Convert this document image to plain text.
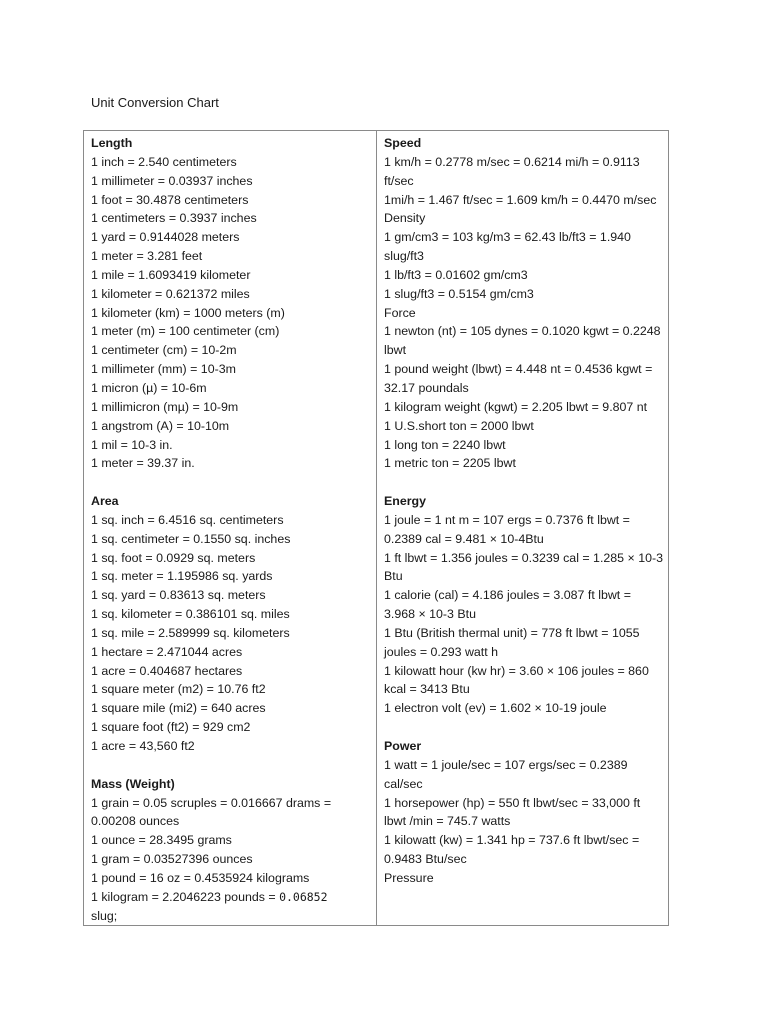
Unit Conversion Chart
Length
1 inch = 2.540 centimeters
1 millimeter = 0.03937 inches
1 foot = 30.4878 centimeters
1 centimeters = 0.3937 inches
1 yard = 0.9144028 meters
1 meter = 3.281 feet
1 mile = 1.6093419 kilometer
1 kilometer = 0.621372 miles
1 kilometer (km) = 1000 meters (m)
1 meter (m) = 100 centimeter (cm)
1 centimeter (cm) = 10-2m
1 millimeter (mm) = 10-3m
1 micron (µ) = 10-6m
1 millimicron (mµ) = 10-9m
1 angstrom (A) = 10-10m
1 mil = 10-3 in.
1 meter = 39.37 in.
Area
1 sq. inch = 6.4516 sq. centimeters
1 sq. centimeter = 0.1550 sq. inches
1 sq. foot = 0.0929 sq. meters
1 sq. meter = 1.195986 sq. yards
1 sq. yard = 0.83613 sq. meters
1 sq. kilometer = 0.386101 sq. miles
1 sq. mile = 2.589999 sq. kilometers
1 hectare = 2.471044 acres
1 acre = 0.404687 hectares
1 square meter (m2) = 10.76 ft2
1 square mile (mi2) = 640 acres
1 square foot (ft2) = 929 cm2
1 acre = 43,560 ft2
Mass (Weight)
1 grain = 0.05 scruples = 0.016667 drams = 0.00208 ounces
1 ounce = 28.3495 grams
1 gram = 0.03527396 ounces
1 pound = 16 oz = 0.4535924 kilograms
1 kilogram = 2.2046223 pounds = 0.06852
slug;
Speed
1 km/h = 0.2778 m/sec = 0.6214 mi/h = 0.9113 ft/sec
1mi/h = 1.467 ft/sec = 1.609 km/h = 0.4470 m/sec
Density
1 gm/cm3 = 103 kg/m3 = 62.43 lb/ft3 = 1.940 slug/ft3
1 lb/ft3 = 0.01602 gm/cm3
1 slug/ft3 = 0.5154 gm/cm3
Force
1 newton (nt) = 105 dynes = 0.1020 kgwt = 0.2248 lbwt
1 pound weight (lbwt) = 4.448 nt = 0.4536 kgwt = 32.17 poundals
1 kilogram weight (kgwt) = 2.205 lbwt = 9.807 nt
1 U.S.short ton = 2000 lbwt
1 long ton = 2240 lbwt
1 metric ton = 2205 lbwt
Energy
1 joule = 1 nt m = 107 ergs = 0.7376 ft lbwt = 0.2389 cal = 9.481 × 10-4Btu
1 ft lbwt = 1.356 joules = 0.3239 cal = 1.285 × 10-3 Btu
1 calorie (cal) = 4.186 joules = 3.087 ft lbwt = 3.968 × 10-3 Btu
1 Btu (British thermal unit) = 778 ft lbwt = 1055 joules = 0.293 watt h
1 kilowatt hour (kw hr) = 3.60 × 106 joules = 860 kcal = 3413 Btu
1 electron volt (ev) = 1.602 × 10-19 joule
Power
1 watt = 1 joule/sec = 107 ergs/sec = 0.2389 cal/sec
1 horsepower (hp) = 550 ft lbwt/sec = 33,000 ft lbwt /min = 745.7 watts
1 kilowatt (kw) = 1.341 hp = 737.6 ft lbwt/sec = 0.9483 Btu/sec
Pressure
